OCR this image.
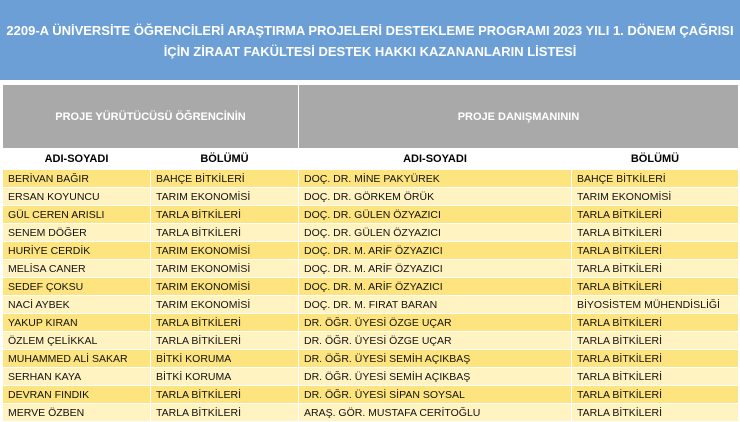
2209-A ÜNİVERSİTE ÖĞRENCİLERİ ARAŞTIRMA PROJELERİ DESTEKLEME PROGRAMI 2023 YILI 1. DÖNEM ÇAĞRISI
İÇİN ZİRAAT FAKÜLTESİ DESTEK HAKKI KAZANANLARIN LİSTESİ
PROJE YÜRÜTÜCÜSÜ ÖĞRENCİNİN		PROJE DANIŞMANININ	
ADI-SOYADI	BÖLÜMÜ	ADI-SOYADI	BÖLÜMÜ
BERİVAN BAĞIR	BAHÇE BİTKİLERİ	DOÇ. DR. MİNE PAKYÜREK	BAHÇE BİTKİLERİ
ERSAN KOYUNCU	TARIM EKONOMİSİ	DOÇ. DR. GÖRKEM ÖRÜK	TARIM EKONOMİSİ
GÜL CEREN ARISLI	TARLA BİTKİLERİ	DOÇ. DR. GÜLEN ÖZYAZICI	TARLA BİTKİLERİ
SENEM DÖĞER	TARLA BİTKİLERİ	DOÇ. DR. GÜLEN ÖZYAZICI	TARLA BİTKİLERİ
HURİYE CERDİK	TARIM EKONOMİSİ	DOÇ. DR. M. ARİF ÖZYAZICI	TARLA BİTKİLERİ
MELİSA CANER	TARIM EKONOMİSİ	DOÇ. DR. M. ARİF ÖZYAZICI	TARLA BİTKİLERİ
SEDEF ÇOKSU	TARIM EKONOMİSİ	DOÇ. DR. M. ARİF ÖZYAZICI	TARLA BİTKİLERİ
NACİ AYBEK	TARIM EKONOMİSİ	DOÇ. DR. M. FIRAT BARAN	BİYOSİSTEM MÜHENDİSLİĞİ
YAKUP KIRAN	TARLA BİTKİLERİ	DR. ÖĞR. ÜYESİ ÖZGE UÇAR	TARLA BİTKİLERİ
ÖZLEM ÇELİKKAL	TARLA BİTKİLERİ	DR. ÖĞR. ÜYESİ ÖZGE UÇAR	TARLA BİTKİLERİ
MUHAMMED ALİ SAKAR	BİTKİ KORUMA	DR. ÖĞR. ÜYESİ SEMİH AÇIKBAŞ	TARLA BİTKİLERİ
SERHAN KAYA	BİTKİ KORUMA	DR. ÖĞR. ÜYESİ SEMİH AÇIKBAŞ	TARLA BİTKİLERİ
DEVRAN FINDIK	TARLA BİTKİLERİ	DR. ÖĞR. ÜYESİ SİPAN SOYSAL	TARLA BİTKİLERİ
MERVE ÖZBEN	TARLA BİTKİLERİ	ARAŞ. GÖR. MUSTAFA CERİTOĞLU	TARLA BİTKİLERİ
